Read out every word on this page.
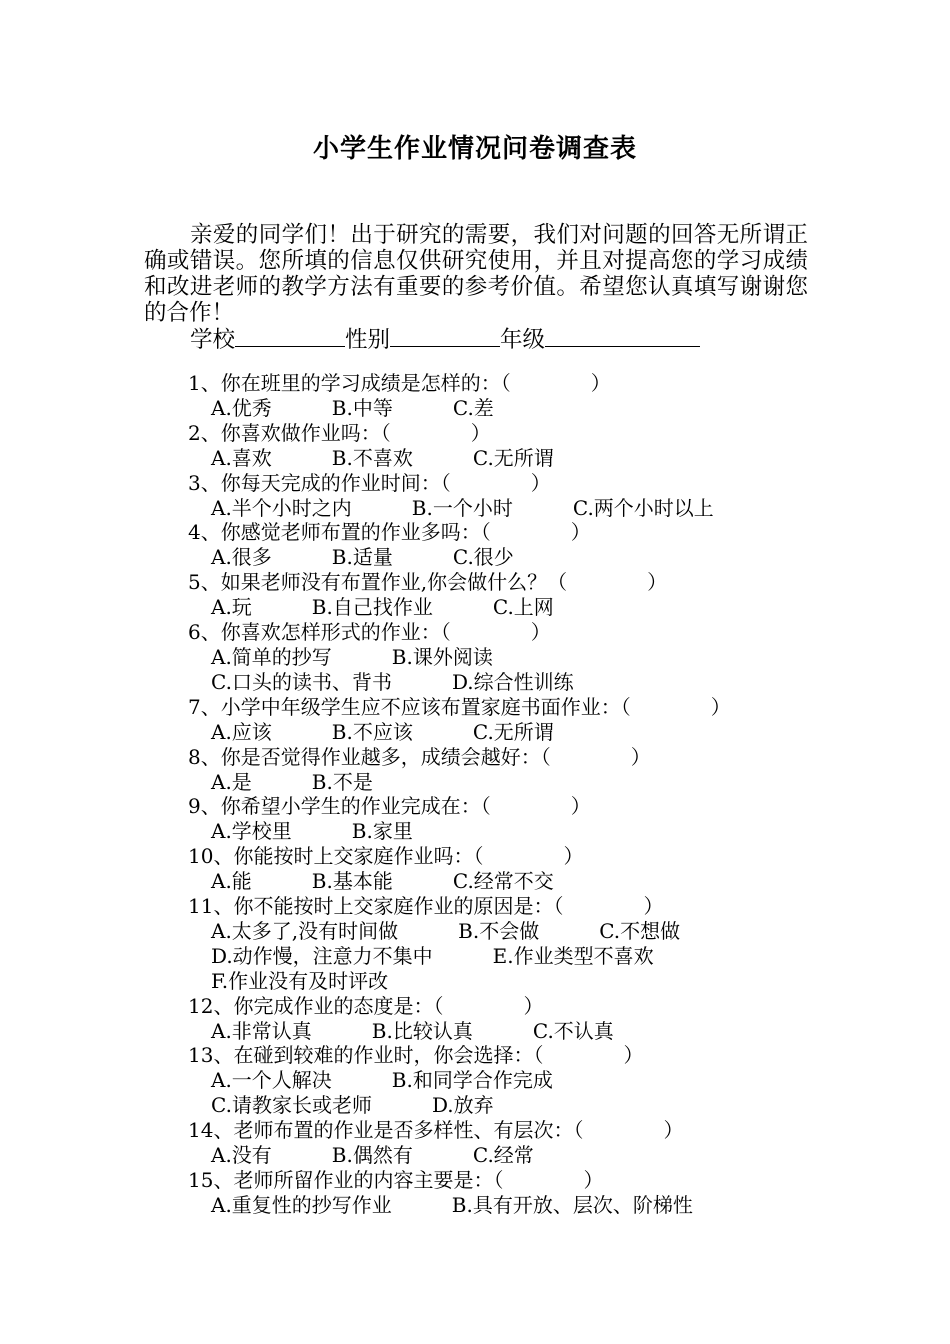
小学生作业情况问卷调查表

亲爱的同学们！出于研究的需要，我们对问题的回答无所谓正确或错误。您所填的信息仅供研究使用，并且对提高您的学习成绩和改进老师的教学方法有重要的参考价值。希望您认真填写谢谢您的合作！

学校	性别	年级

1、你在班里的学习成绩是怎样的：（　　　　）
A.优秀　　　B.中等　　　C.差
2、你喜欢做作业吗：（　　　　）
A.喜欢　　　B.不喜欢　　　C.无所谓
3、你每天完成的作业时间：（　　　　）
A.半个小时之内　　　B.一个小时　　　C.两个小时以上
4、你感觉老师布置的作业多吗：（　　　　）
A.很多　　　B.适量　　　C.很少
5、如果老师没有布置作业,你会做什么？（　　　　）
A.玩　　　B.自己找作业　　　C.上网
6、你喜欢怎样形式的作业：（　　　　）
A.简单的抄写　　　B.课外阅读
C.口头的读书、背书　　　D.综合性训练
7、小学中年级学生应不应该布置家庭书面作业：（　　　　）
A.应该　　　B.不应该　　　C.无所谓
8、你是否觉得作业越多，成绩会越好：（　　　　）
A.是　　　B.不是
9、你希望小学生的作业完成在：（　　　　）
A.学校里　　　B.家里
10、你能按时上交家庭作业吗：（　　　　）
A.能　　　B.基本能　　　C.经常不交
11、你不能按时上交家庭作业的原因是：（　　　　）
A.太多了,没有时间做　　　B.不会做　　　C.不想做
D.动作慢，注意力不集中　　　E.作业类型不喜欢
F.作业没有及时评改
12、你完成作业的态度是：（　　　　）
A.非常认真　　　B.比较认真　　　C.不认真
13、在碰到较难的作业时，你会选择：（　　　　）
A.一个人解决　　　B.和同学合作完成
C.请教家长或老师　　　D.放弃
14、老师布置的作业是否多样性、有层次：（　　　　）
A.没有　　　B.偶然有　　　C.经常
15、老师所留作业的内容主要是：（　　　　）
A.重复性的抄写作业　　　B.具有开放、层次、阶梯性
